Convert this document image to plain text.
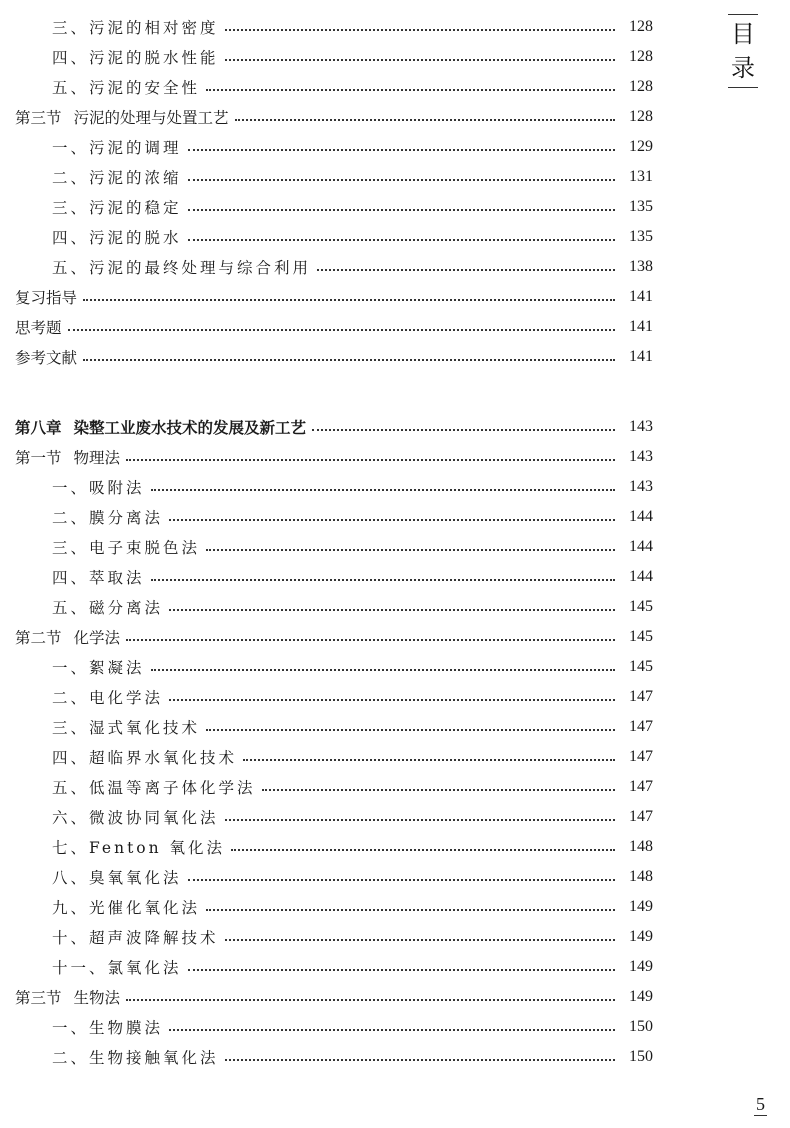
目
录
三、污泥的相对密度	128
四、污泥的脱水性能	128
五、污泥的安全性	128
第三节 污泥的处理与处置工艺	128
一、污泥的调理	129
二、污泥的浓缩	131
三、污泥的稳定	135
四、污泥的脱水	135
五、污泥的最终处理与综合利用	138
复习指导	141
思考题	141
参考文献	141
第八章 染整工业废水技术的发展及新工艺	143
第一节 物理法	143
一、吸附法	143
二、膜分离法	144
三、电子束脱色法	144
四、萃取法	144
五、磁分离法	145
第二节 化学法	145
一、絮凝法	145
二、电化学法	147
三、湿式氧化技术	147
四、超临界水氧化技术	147
五、低温等离子体化学法	147
六、微波协同氧化法	147
七、Fenton 氧化法	148
八、臭氧氧化法	148
九、光催化氧化法	149
十、超声波降解技术	149
十一、氯氧化法	149
第三节 生物法	149
一、生物膜法	150
二、生物接触氧化法	150
5
